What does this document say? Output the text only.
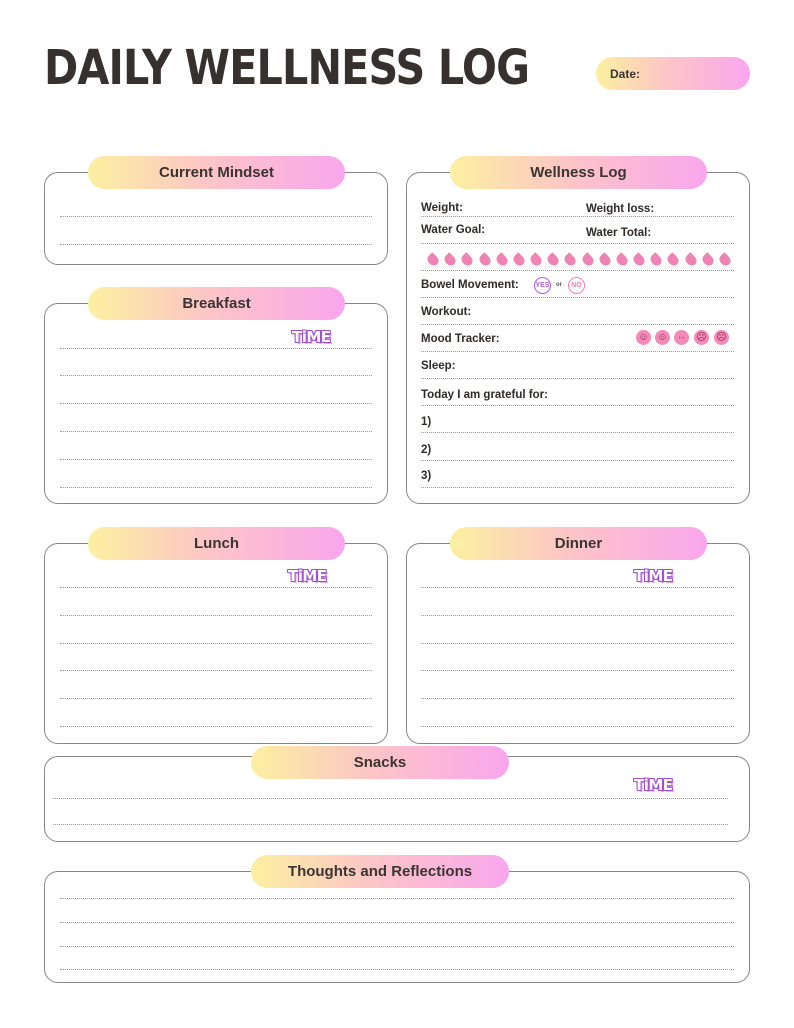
DAILY WELLNESS LOG	Date:
Current Mindset
Breakfast
TiME
Wellness Log
Weight:	Weight loss:
Water Goal:	Water Total:
Bowel Movement: YES or	NO
Workout:
Mood Tracker:	☺ ☺	··	☹ ☹
Sleep:
Today I am grateful for:
1)
2)
3)
Lunch
TiME
Dinner
TiME
Snacks
TiME
Thoughts and Reflections
